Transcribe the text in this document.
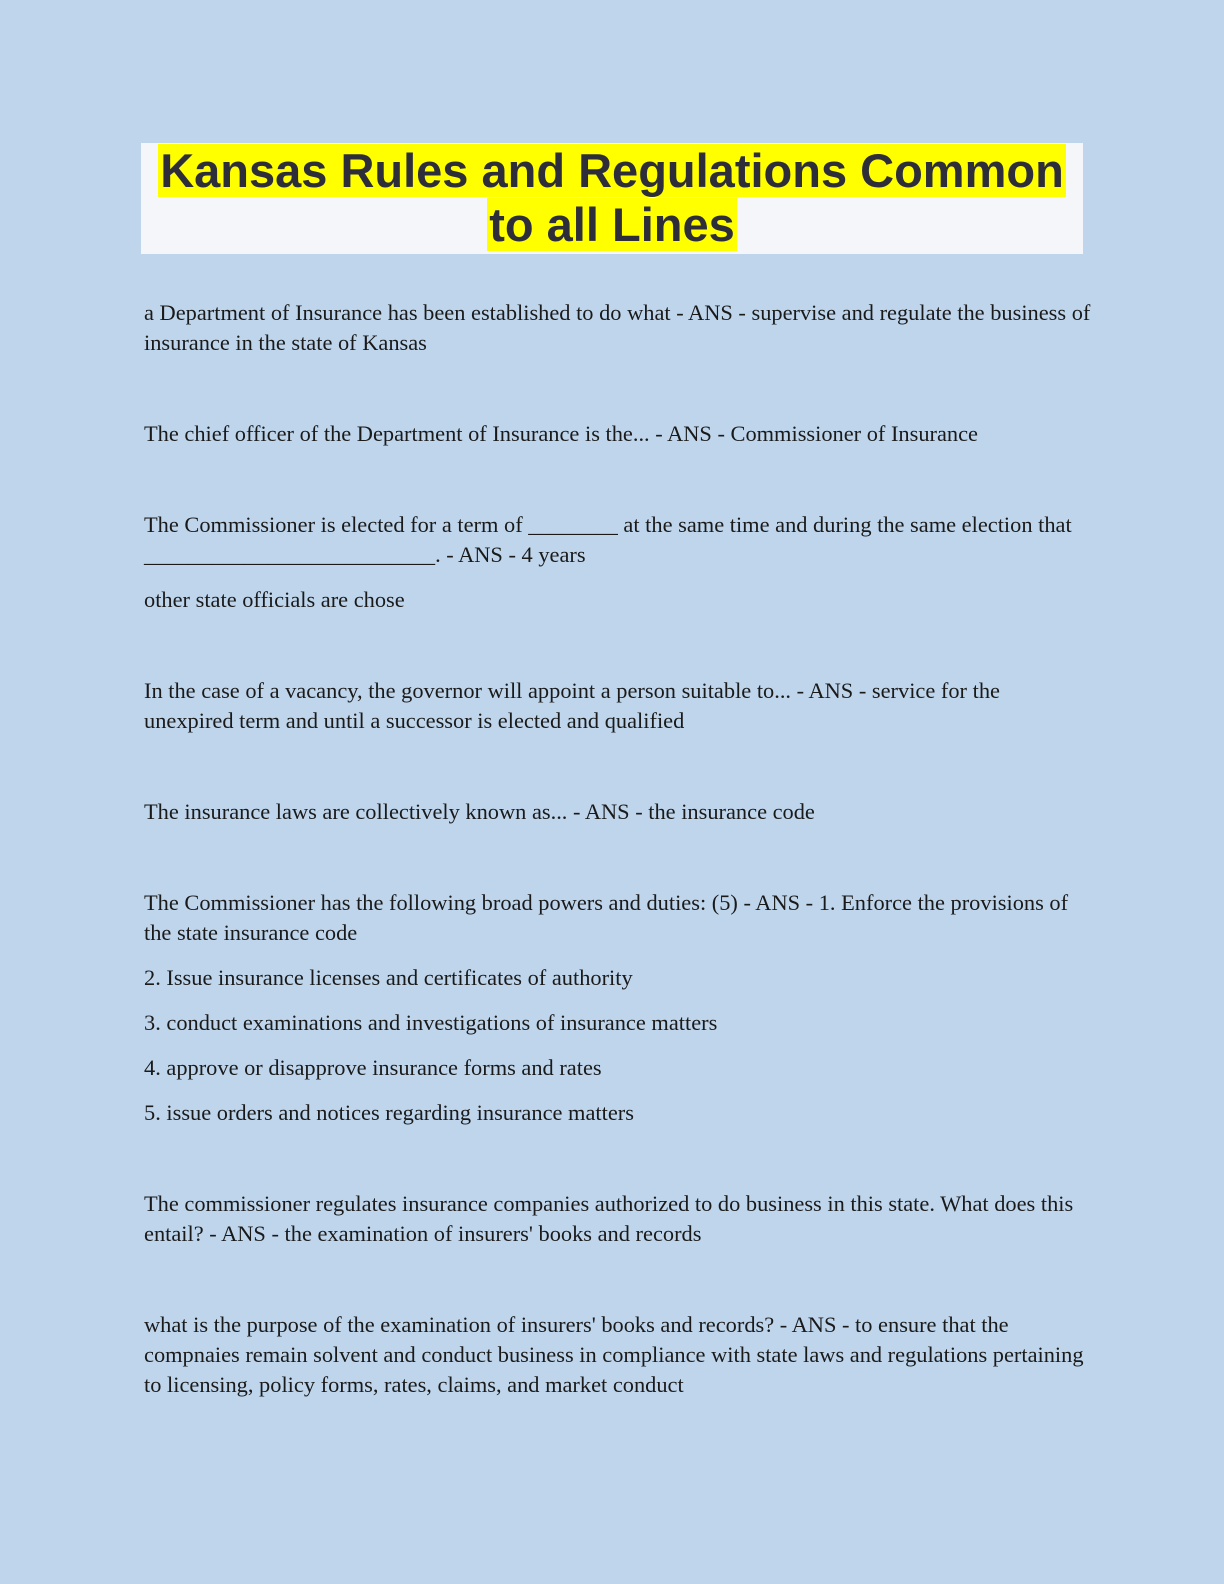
Kansas Rules and Regulations Common
to all Lines

a Department of Insurance has been established to do what - ANS - supervise and regulate the business of insurance in the state of Kansas

The chief officer of the Department of Insurance is the... - ANS - Commissioner of Insurance

The Commissioner is elected for a term of ________ at the same time and during the same election that __________________________. - ANS - 4 years

other state officials are chose

In the case of a vacancy, the governor will appoint a person suitable to... - ANS - service for the unexpired term and until a successor is elected and qualified

The insurance laws are collectively known as... - ANS - the insurance code

The Commissioner has the following broad powers and duties: (5) - ANS - 1. Enforce the provisions of the state insurance code

2. Issue insurance licenses and certificates of authority

3. conduct examinations and investigations of insurance matters

4. approve or disapprove insurance forms and rates

5. issue orders and notices regarding insurance matters

The commissioner regulates insurance companies authorized to do business in this state. What does this entail? - ANS - the examination of insurers' books and records

what is the purpose of the examination of insurers' books and records? - ANS - to ensure that the compnaies remain solvent and conduct business in compliance with state laws and regulations pertaining to licensing, policy forms, rates, claims, and market conduct
